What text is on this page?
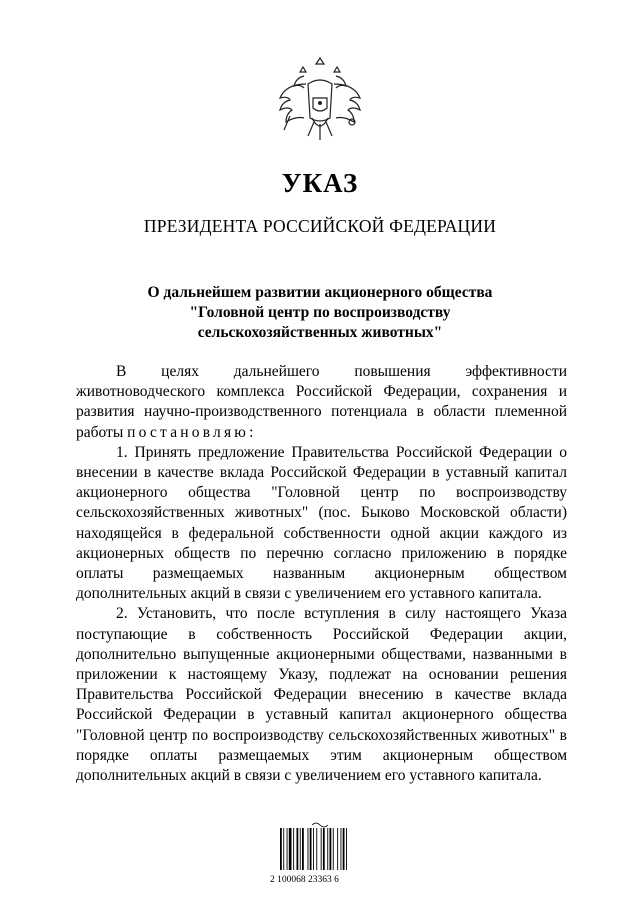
УКАЗ
ПРЕЗИДЕНТА РОССИЙСКОЙ ФЕДЕРАЦИИ
О дальнейшем развитии акционерного общества
"Головной центр по воспроизводству
сельскохозяйственных животных"

В целях дальнейшего повышения эффективности животноводческого комплекса Российской Федерации, сохранения и развития научно-производственного потенциала в области племенной работы постановляю:

1. Принять предложение Правительства Российской Федерации о внесении в качестве вклада Российской Федерации в уставный капитал акционерного общества "Головной центр по воспроизводству сельскохозяйственных животных" (пос. Быково Московской области) находящейся в федеральной собственности одной акции каждого из акционерных обществ по перечню согласно приложению в порядке оплаты размещаемых названным акционерным обществом дополнительных акций в связи с увеличением его уставного капитала.

2. Установить, что после вступления в силу настоящего Указа поступающие в собственность Российской Федерации акции, дополнительно выпущенные акционерными обществами, названными в приложении к настоящему Указу, подлежат на основании решения Правительства Российской Федерации внесению в качестве вклада Российской Федерации в уставный капитал акционерного общества "Головной центр по воспроизводству сельскохозяйственных животных" в порядке оплаты размещаемых этим акционерным обществом дополнительных акций в связи с увеличением его уставного капитала.

2 100068 23363 6
